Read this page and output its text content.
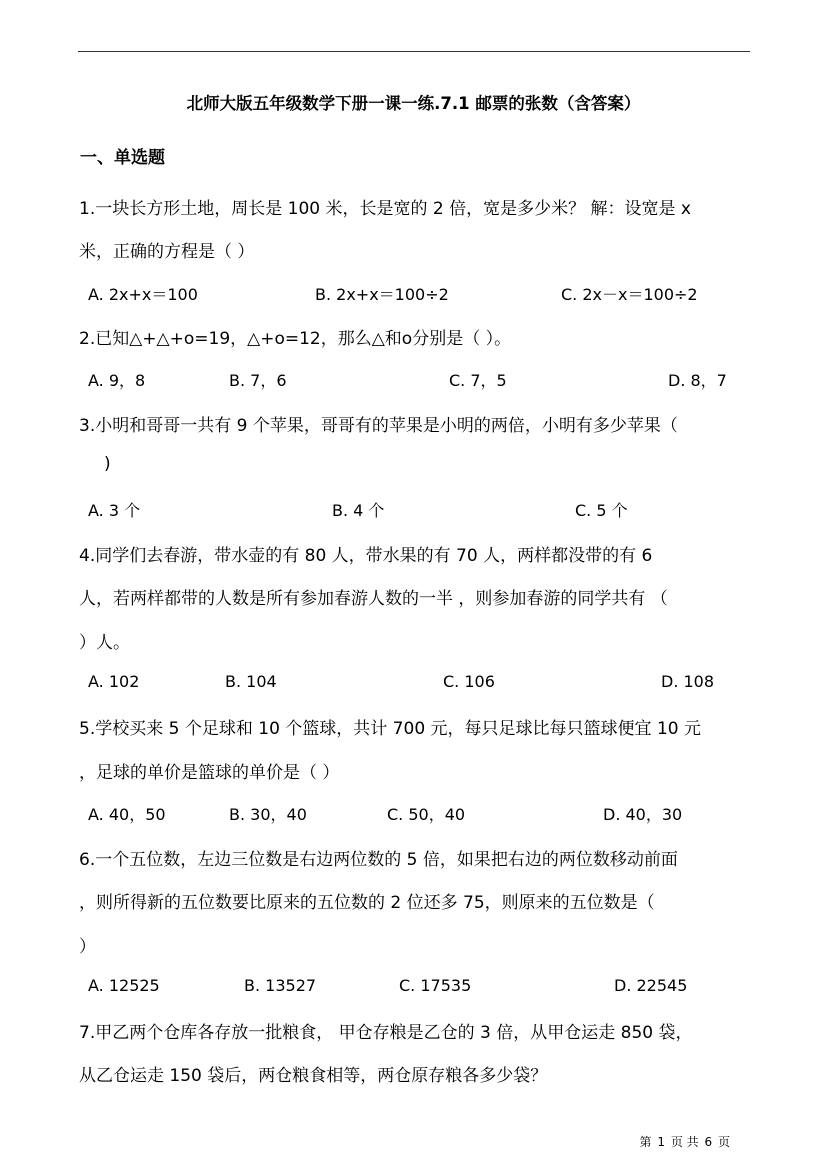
北师大版五年级数学下册一课一练.7.1 邮票的张数（含答案）
一、单选题
1.一块长方形土地，周长是 100 米，长是宽的 2 倍，宽是多少米？ 解：设宽是 x
米，正确的方程是（ ）
A. 2x+x＝100	B. 2x+x＝100÷2	C. 2x－x＝100÷2
2.已知△+△+o=19，△+o=12，那么△和o分别是（ ）。
A. 9，8	B. 7，6	C. 7，5	D. 8，7
3.小明和哥哥一共有 9 个苹果，哥哥有的苹果是小明的两倍，小明有多少苹果（
)
A. 3 个	B. 4 个	C. 5 个
4.同学们去春游，带水壶的有 80 人，带水果的有 70 人，两样都没带的有 6
人，若两样都带的人数是所有参加春游人数的一半 ，则参加春游的同学共有 （
）人。
A. 102	B. 104	C. 106	D. 108
5.学校买来 5 个足球和 10 个篮球，共计 700 元，每只足球比每只篮球便宜 10 元
，足球的单价是篮球的单价是（ ）
A. 40，50	B. 30，40	C. 50，40	D. 40，30
6.一个五位数，左边三位数是右边两位数的 5 倍，如果把右边的两位数移动前面
，则所得新的五位数要比原来的五位数的 2 位还多 75，则原来的五位数是（
）
A. 12525	B. 13527	C. 17535	D. 22545
7.甲乙两个仓库各存放一批粮食， 甲仓存粮是乙仓的 3 倍，从甲仓运走 850 袋，
从乙仓运走 150 袋后，两仓粮食相等，两仓原存粮各多少袋？
第 1 页 共 6 页
